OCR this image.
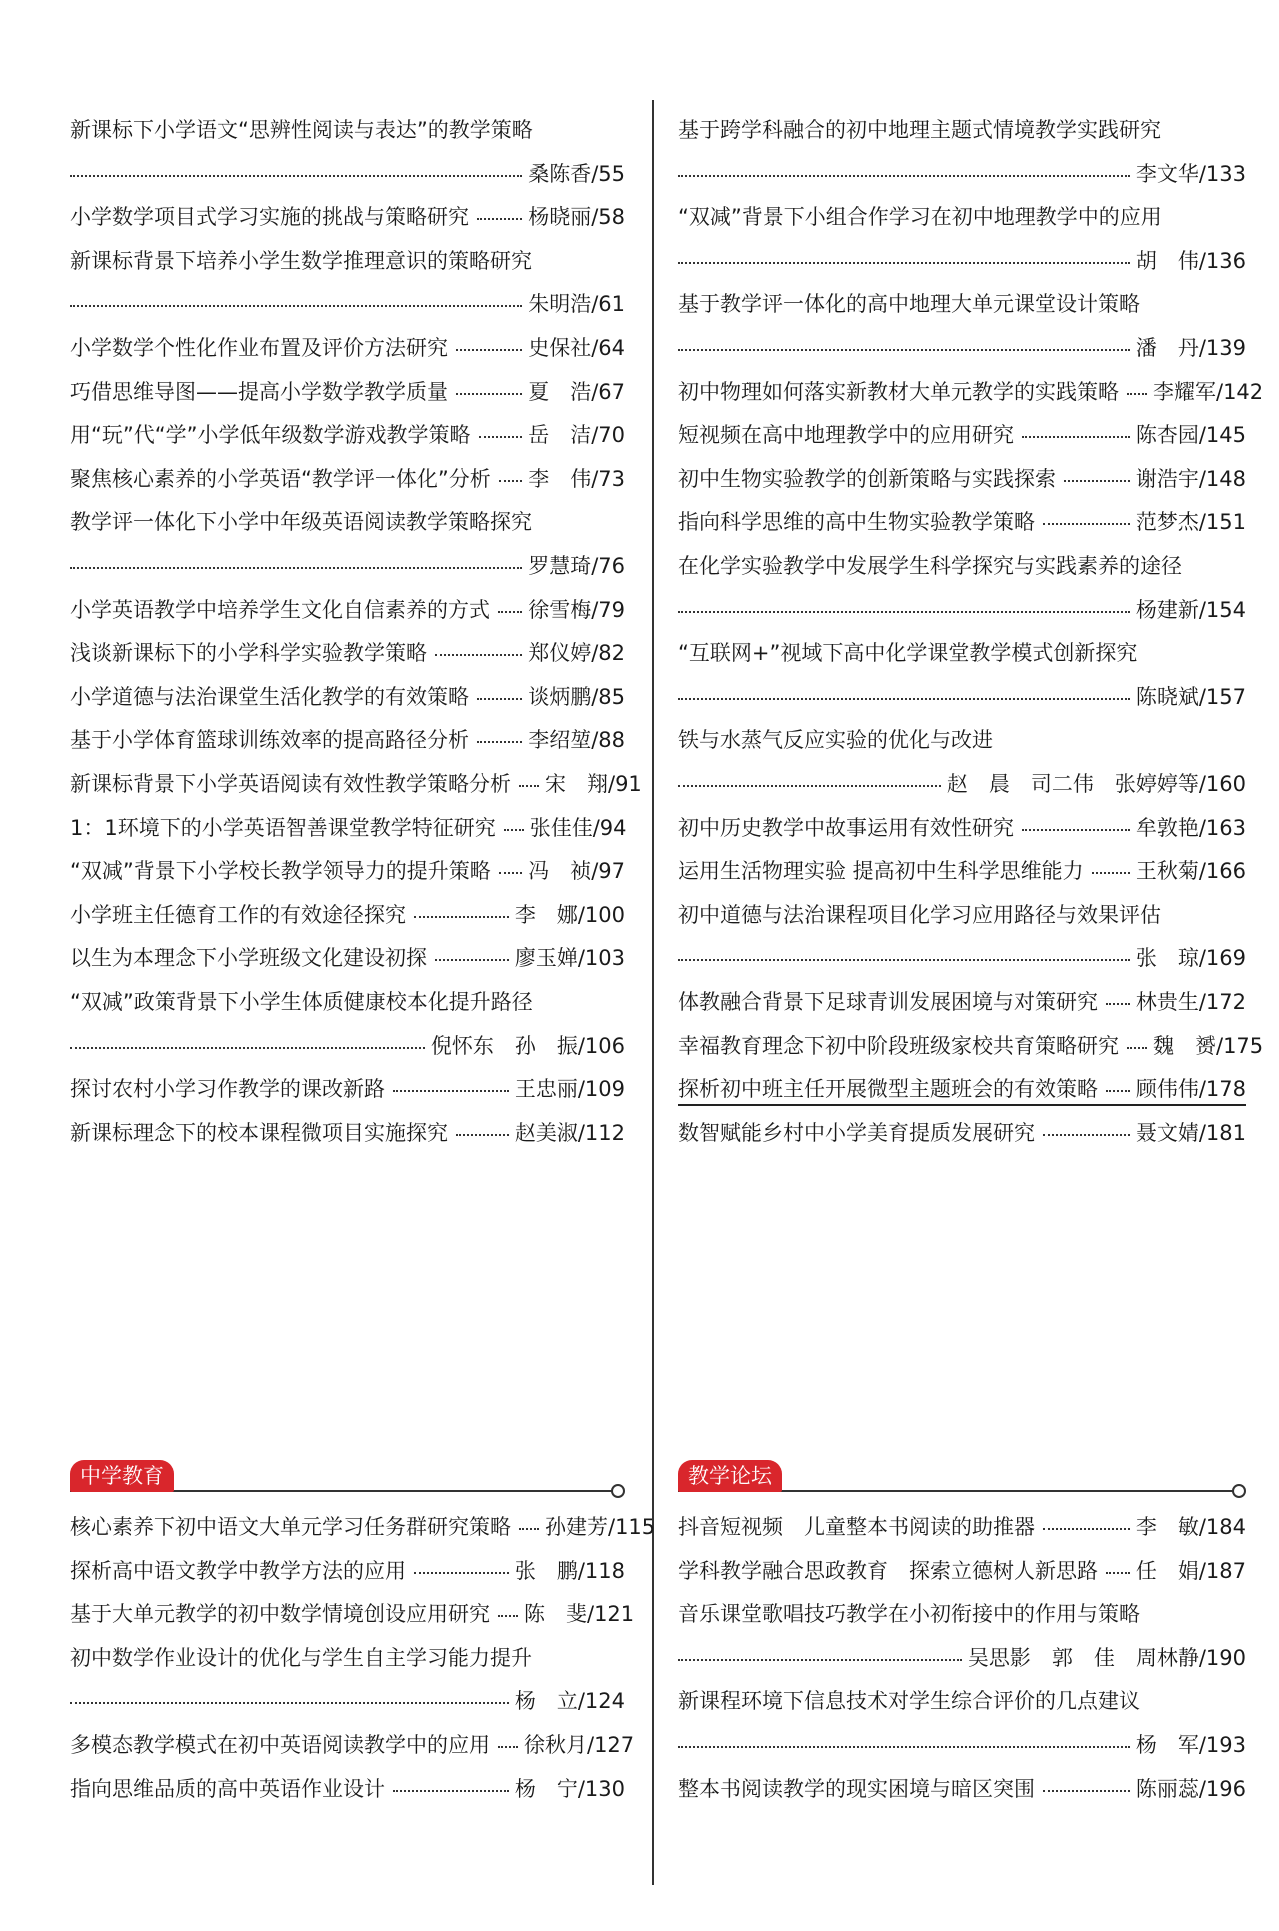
新课标下小学语文“思辨性阅读与表达”的教学策略
桑陈香/55
小学数学项目式学习实施的挑战与策略研究	杨晓丽/58
新课标背景下培养小学生数学推理意识的策略研究
朱明浩/61
小学数学个性化作业布置及评价方法研究	史保社/64
巧借思维导图——提高小学数学教学质量	夏　浩/67
用“玩”代“学”小学低年级数学游戏教学策略	岳　洁/70
聚焦核心素养的小学英语“教学评一体化”分析 李　伟/73
教学评一体化下小学中年级英语阅读教学策略探究
罗慧琦/76
小学英语教学中培养学生文化自信素养的方式 徐雪梅/79
浅谈新课标下的小学科学实验教学策略	郑仪婷/82
小学道德与法治课堂生活化教学的有效策略	谈炳鹏/85
基于小学体育篮球训练效率的提高路径分析	李绍堃/88
新课标背景下小学英语阅读有效性教学策略分析 宋　翔/91
1：1环境下的小学英语智善课堂教学特征研究 张佳佳/94
“双减”背景下小学校长教学领导力的提升策略 冯　祯/97
小学班主任德育工作的有效途径探究	李　娜/100
以生为本理念下小学班级文化建设初探	廖玉婵/103
“双减”政策背景下小学生体质健康校本化提升路径
倪怀东　孙　振/106
探讨农村小学习作教学的课改新路	王忠丽/109
新课标理念下的校本课程微项目实施探究	赵美淑/112
中学教育
核心素养下初中语文大单元学习任务群研究策略 孙建芳/115
探析高中语文教学中教学方法的应用	张　鹏/118
基于大单元教学的初中数学情境创设应用研究 陈　斐/121
初中数学作业设计的优化与学生自主学习能力提升
杨　立/124
多模态教学模式在初中英语阅读教学中的应用 徐秋月/127
指向思维品质的高中英语作业设计	杨　宁/130
基于跨学科融合的初中地理主题式情境教学实践研究
李文华/133
“双减”背景下小组合作学习在初中地理教学中的应用
胡　伟/136
基于教学评一体化的高中地理大单元课堂设计策略
潘　丹/139
初中物理如何落实新教材大单元教学的实践策略 李耀军/142
短视频在高中地理教学中的应用研究	陈杏园/145
初中生物实验教学的创新策略与实践探索	谢浩宇/148
指向科学思维的高中生物实验教学策略	范梦杰/151
在化学实验教学中发展学生科学探究与实践素养的途径
杨建新/154
“互联网+”视域下高中化学课堂教学模式创新探究
陈晓斌/157
铁与水蒸气反应实验的优化与改进
赵　晨　司二伟　张婷婷等/160
初中历史教学中故事运用有效性研究	牟敦艳/163
运用生活物理实验 提高初中生科学思维能力 王秋菊/166
初中道德与法治课程项目化学习应用路径与效果评估
张　琼/169
体教融合背景下足球青训发展困境与对策研究 林贵生/172
幸福教育理念下初中阶段班级家校共育策略研究 魏　赟/175
探析初中班主任开展微型主题班会的有效策略 顾伟伟/178
数智赋能乡村中小学美育提质发展研究	聂文婧/181
教学论坛
抖音短视频　儿童整本书阅读的助推器	李　敏/184
学科教学融合思政教育　探索立德树人新思路 任　娟/187
音乐课堂歌唱技巧教学在小初衔接中的作用与策略
吴思影　郭　佳　周林静/190
新课程环境下信息技术对学生综合评价的几点建议
杨　军/193
整本书阅读教学的现实困境与暗区突围	陈丽蕊/196
